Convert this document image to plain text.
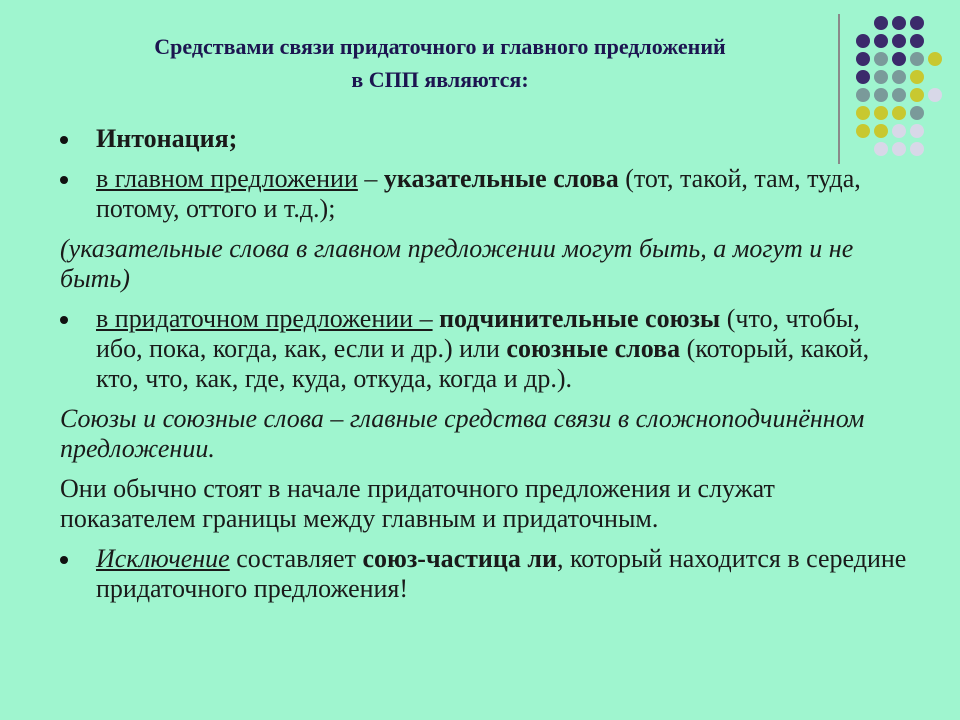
Средствами связи придаточного и главного предложений
в СПП являются:
Интонация;
в главном предложении – указательные слова (тот, такой, там, туда, потому, оттого и т.д.);
(указательные слова в главном предложении могут быть, а могут и не быть)
в придаточном предложении – подчинительные союзы (что, чтобы, ибо, пока, когда, как, если и др.) или союзные слова (который, какой, кто, что, как, где, куда, откуда, когда и др.).
Союзы и союзные слова – главные средства связи в сложноподчинённом предложении.
Они обычно стоят в начале придаточного предложения и служат показателем границы между главным и придаточным.
Исключение составляет союз-частица ли, который находится в середине придаточного предложения!
